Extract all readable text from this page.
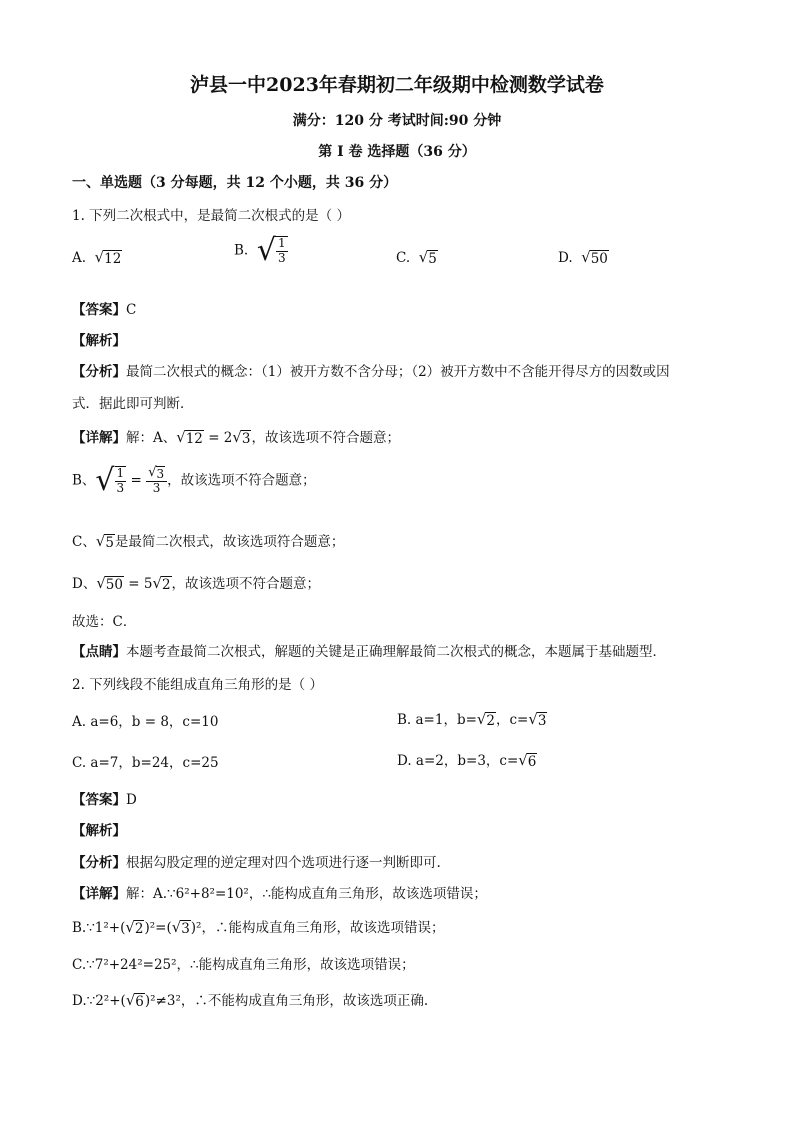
泸县一中2023年春期初二年级期中检测数学试卷
满分：120 分 考试时间:90 分钟
第 I 卷 选择题（36 分）
一、单选题（3 分每题，共 12 个小题，共 36 分）
1. 下列二次根式中，是最简二次根式的是（ ）
A. √ 12
B. √ $\frac{1}{3}$	C. √ 5	D. √ 50
【答案】C
【解析】
【分析】最简二次根式的概念：（1）被开方数不含分母；（2）被开方数中不含能开得尽方的因数或因
式．据此即可判断．
【详解】解：A、 √ 12 = 2 √ 3 ，故该选项不符合题意；
B、√ $\frac{1}{3} = \frac{√ 3}{3}$ ，故该选项不符合题意；
C、 √ 5 是最简二次根式，故该选项符合题意；
D、 √ 50 = 5 √ 2 ，故该选项不符合题意；
故选：C．
【点睛】本题考查最简二次根式，解题的关键是正确理解最简二次根式的概念，本题属于基础题型．
2. 下列线段不能组成直角三角形的是（ ）
A. a=6，b = 8，c=10	B. a=1，b= √ 2 ，c= √ 3
C. a=7，b=24，c=25	D. a=2，b=3，c= √ 6
【答案】D
【解析】
【分析】根据勾股定理的逆定理对四个选项进行逐一判断即可.
【详解】解：A.∵6²+8²=10²，∴能构成直角三角形，故该选项错误；
B.∵1²+( √ 2 )²=( √ 3 )²，∴能构成直角三角形，故该选项错误；
C.∵7²+24²=25²，∴能构成直角三角形，故该选项错误；
D.∵2²+( √ 6 )²≠3²，∴不能构成直角三角形，故该选项正确.
